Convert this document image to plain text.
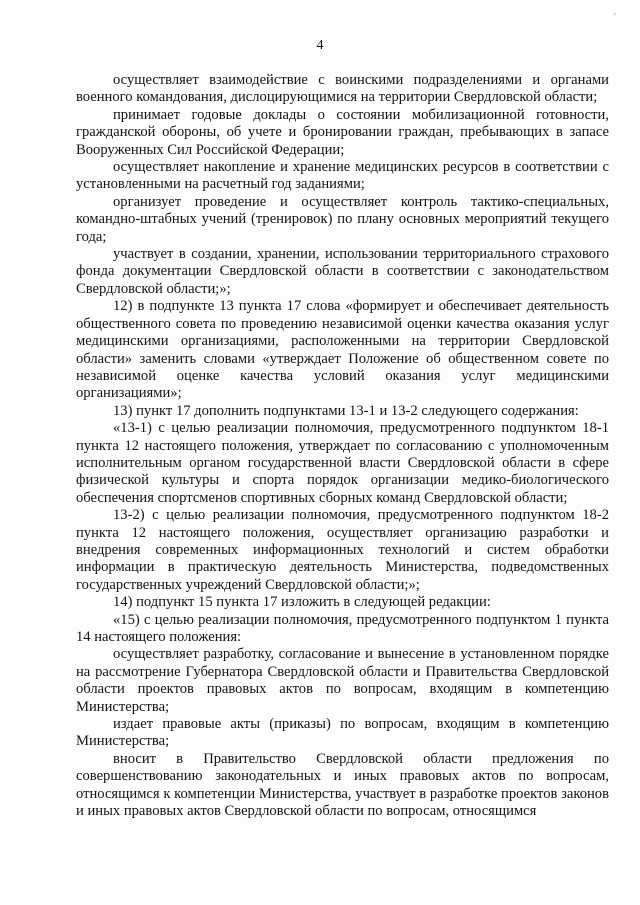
,
4

осуществляет взаимодействие с воинскими подразделениями и органами военного командования, дислоцирующимися на территории Свердловской области;

принимает годовые доклады о состоянии мобилизационной готовности, гражданской обороны, об учете и бронировании граждан, пребывающих в запасе Вооруженных Сил Российской Федерации;

осуществляет накопление и хранение медицинских ресурсов в соответствии с установленными на расчетный год заданиями;

организует проведение и осуществляет контроль тактико-специальных, командно-штабных учений (тренировок) по плану основных мероприятий текущего года;

участвует в создании, хранении, использовании территориального страхового фонда документации Свердловской области в соответствии с законодательством Свердловской области;»;

12) в подпункте 13 пункта 17 слова «формирует и обеспечивает деятельность общественного совета по проведению независимой оценки качества оказания услуг медицинскими организациями, расположенными на территории Свердловской области» заменить словами «утверждает Положение об общественном совете по независимой оценке качества условий оказания услуг медицинскими организациями»;

13) пункт 17 дополнить подпунктами 13-1 и 13-2 следующего содержания:

«13-1) с целью реализации полномочия, предусмотренного подпунктом 18-1 пункта 12 настоящего положения, утверждает по согласованию с уполномоченным исполнительным органом государственной власти Свердловской области в сфере физической культуры и спорта порядок организации медико-биологического обеспечения спортсменов спортивных сборных команд Свердловской области;

13-2) с целью реализации полномочия, предусмотренного подпунктом 18-2 пункта 12 настоящего положения, осуществляет организацию разработки и внедрения современных информационных технологий и систем обработки информации в практическую деятельность Министерства, подведомственных государственных учреждений Свердловской области;»;

14) подпункт 15 пункта 17 изложить в следующей редакции:

«15) с целью реализации полномочия, предусмотренного подпунктом 1 пункта 14 настоящего положения:

осуществляет разработку, согласование и вынесение в установленном порядке на рассмотрение Губернатора Свердловской области и Правительства Свердловской области проектов правовых актов по вопросам, входящим в компетенцию Министерства;

издает правовые акты (приказы) по вопросам, входящим в компетенцию Министерства;

вносит в Правительство Свердловской области предложения по совершенствованию законодательных и иных правовых актов по вопросам, относящимся к компетенции Министерства, участвует в разработке проектов законов и иных правовых актов Свердловской области по вопросам, относящимся
